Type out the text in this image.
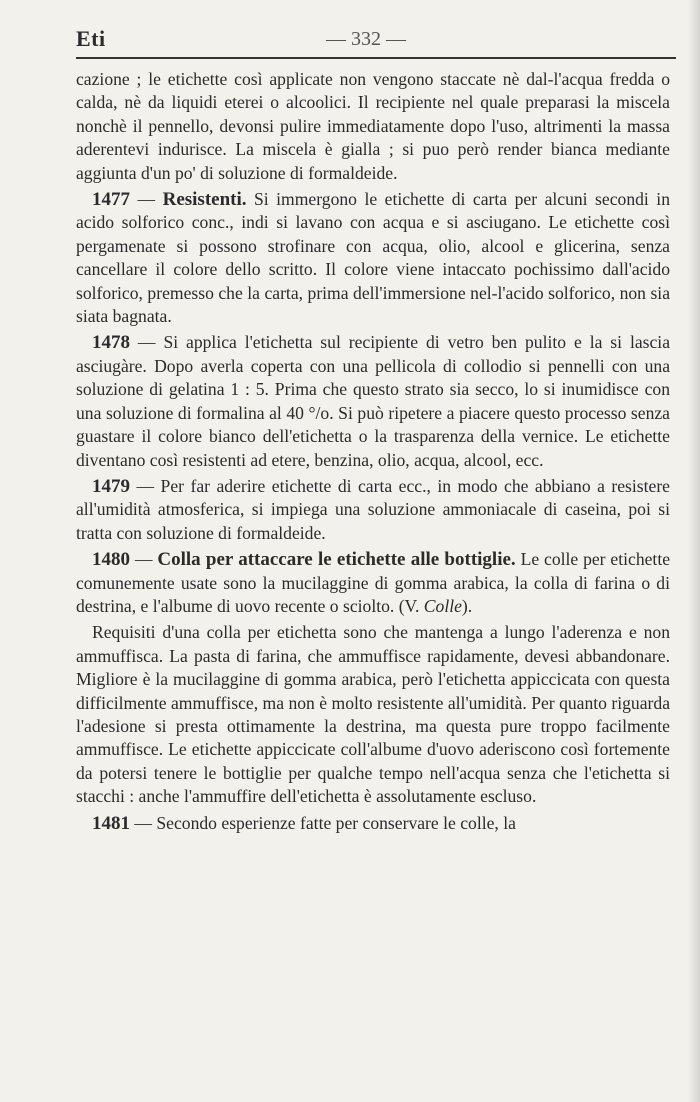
Eti	— 332 —

cazione ; le etichette così applicate non vengono staccate nè dal-l'acqua fredda o calda, nè da liquidi eterei o alcoolici. Il recipiente nel quale preparasi la miscela nonchè il pennello, devonsi pulire immediatamente dopo l'uso, altrimenti la massa aderentevi indurisce. La miscela è gialla ; si puo però render bianca mediante aggiunta d'un po' di soluzione di formaldeide.

1477 — Resistenti. Si immergono le etichette di carta per alcuni secondi in acido solforico conc., indi si lavano con acqua e si asciugano. Le etichette così pergamenate si possono strofinare con acqua, olio, alcool e glicerina, senza cancellare il colore dello scritto. Il colore viene intaccato pochissimo dall'acido solforico, premesso che la carta, prima dell'immersione nel-l'acido solforico, non sia siata bagnata.

1478 — Si applica l'etichetta sul recipiente di vetro ben pulito e la si lascia asciugàre. Dopo averla coperta con una pellicola di collodio si pennelli con una soluzione di gelatina 1 : 5. Prima che questo strato sia secco, lo si inumidisce con una soluzione di formalina al 40 °/o. Si può ripetere a piacere questo processo senza guastare il colore bianco dell'etichetta o la trasparenza della vernice. Le etichette diventano così resistenti ad etere, benzina, olio, acqua, alcool, ecc.

1479 — Per far aderire etichette di carta ecc., in modo che abbiano a resistere all'umidità atmosferica, si impiega una soluzione ammoniacale di caseina, poi si tratta con soluzione di formaldeide.

1480 — Colla per attaccare le etichette alle bottiglie. Le colle per etichette comunemente usate sono la mucilaggine di gomma arabica, la colla di farina o di destrina, e l'albume di uovo recente o sciolto. (V. Colle).

Requisiti d'una colla per etichetta sono che mantenga a lungo l'aderenza e non ammuffisca. La pasta di farina, che ammuffisce rapidamente, devesi abbandonare. Migliore è la mucilaggine di gomma arabica, però l'etichetta appiccicata con questa difficilmente ammuffisce, ma non è molto resistente all'umidità. Per quanto riguarda l'adesione si presta ottimamente la destrina, ma questa pure troppo facilmente ammuffisce. Le etichette appiccicate coll'albume d'uovo aderiscono così fortemente da potersi tenere le bottiglie per qualche tempo nell'acqua senza che l'etichetta si stacchi : anche l'ammuffire dell'etichetta è assolutamente escluso.

1481 — Secondo esperienze fatte per conservare le colle, la
